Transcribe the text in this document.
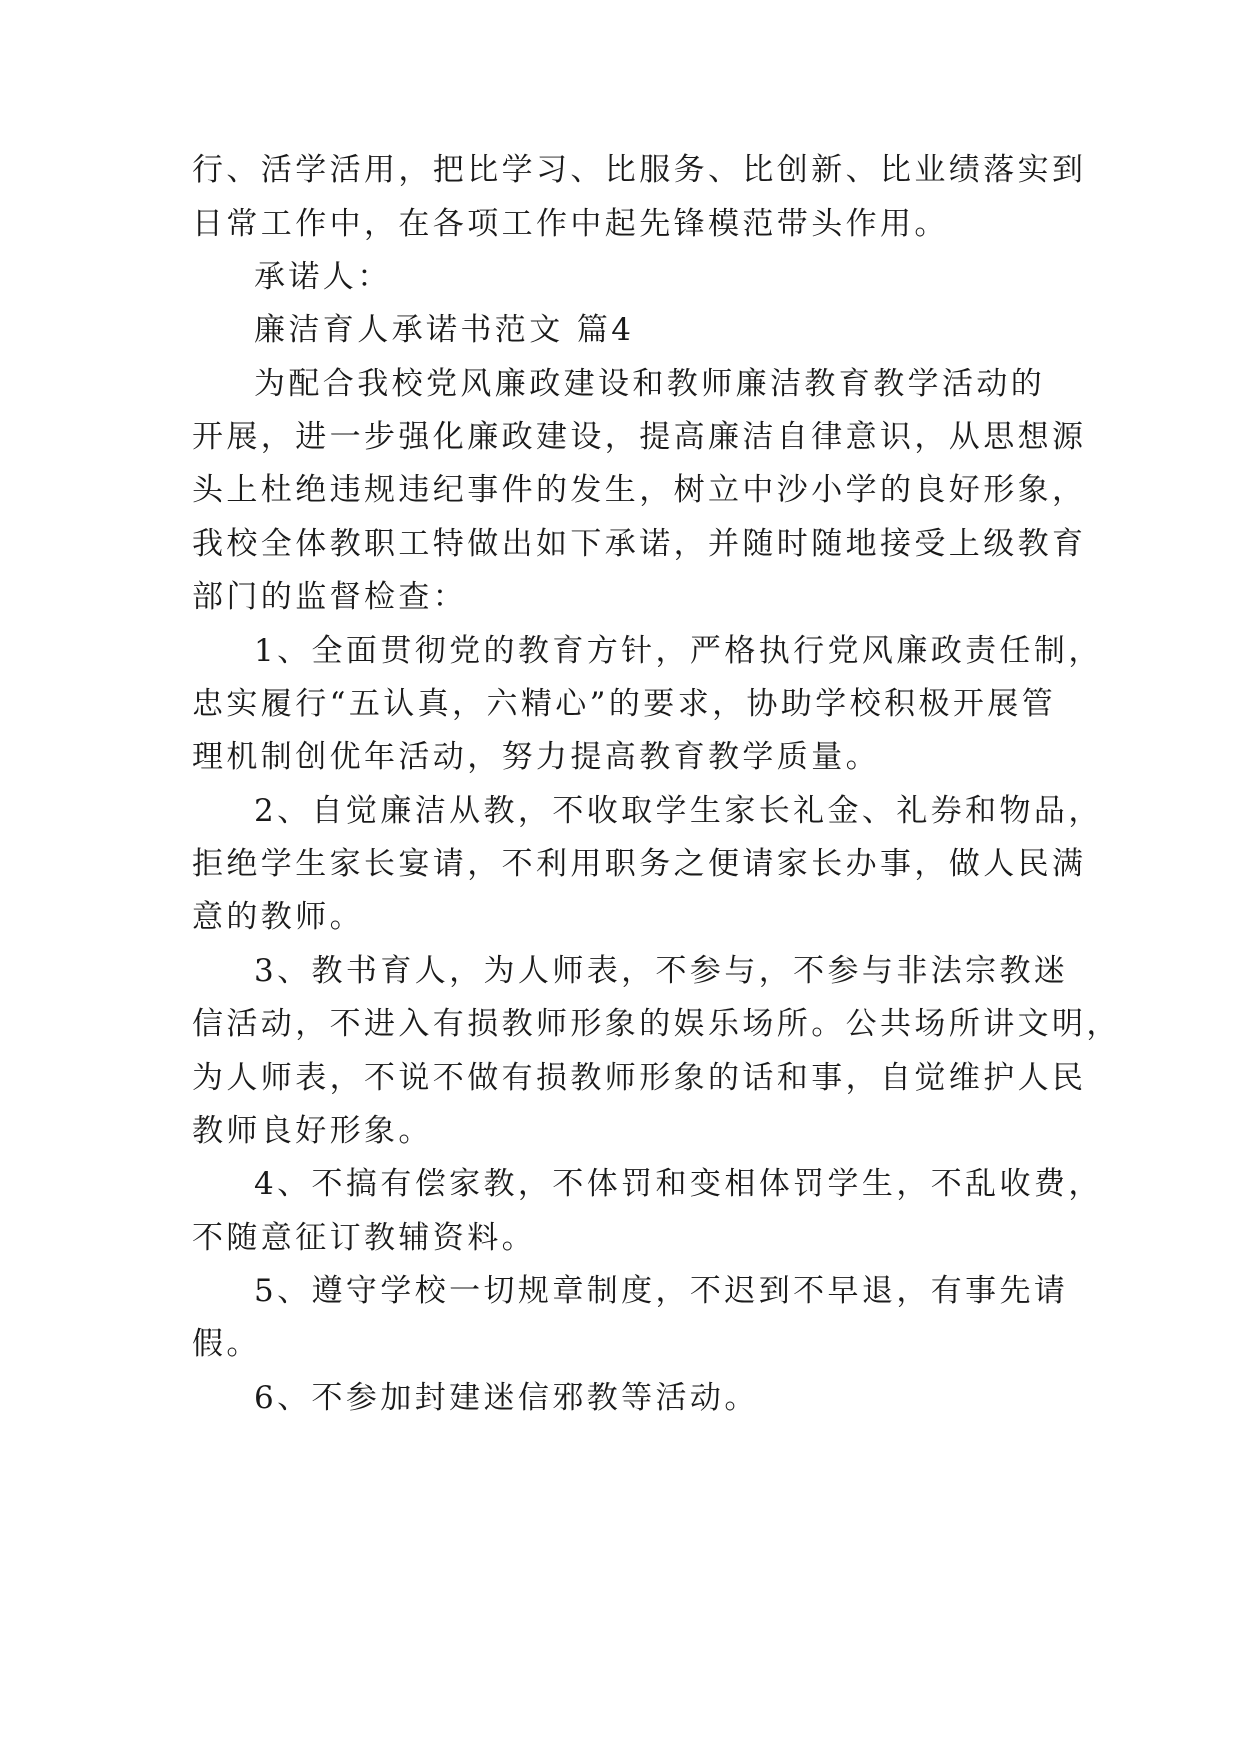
行、活学活用，把比学习、比服务、比创新、比业绩落实到
日常工作中，在各项工作中起先锋模范带头作用。
承诺人：
廉洁育人承诺书范文 篇4
为配合我校党风廉政建设和教师廉洁教育教学活动的
开展，进一步强化廉政建设，提高廉洁自律意识，从思想源
头上杜绝违规违纪事件的发生，树立中沙小学的良好形象，
我校全体教职工特做出如下承诺，并随时随地接受上级教育
部门的监督检查：
1、全面贯彻党的教育方针，严格执行党风廉政责任制，
忠实履行“五认真，六精心”的要求，协助学校积极开展管
理机制创优年活动，努力提高教育教学质量。
2、自觉廉洁从教，不收取学生家长礼金、礼券和物品，
拒绝学生家长宴请，不利用职务之便请家长办事，做人民满
意的教师。
3、教书育人，为人师表，不参与，不参与非法宗教迷
信活动，不进入有损教师形象的娱乐场所。公共场所讲文明，
为人师表，不说不做有损教师形象的话和事，自觉维护人民
教师良好形象。
4、不搞有偿家教，不体罚和变相体罚学生，不乱收费，
不随意征订教辅资料。
5、遵守学校一切规章制度，不迟到不早退，有事先请
假。
6、不参加封建迷信邪教等活动。
